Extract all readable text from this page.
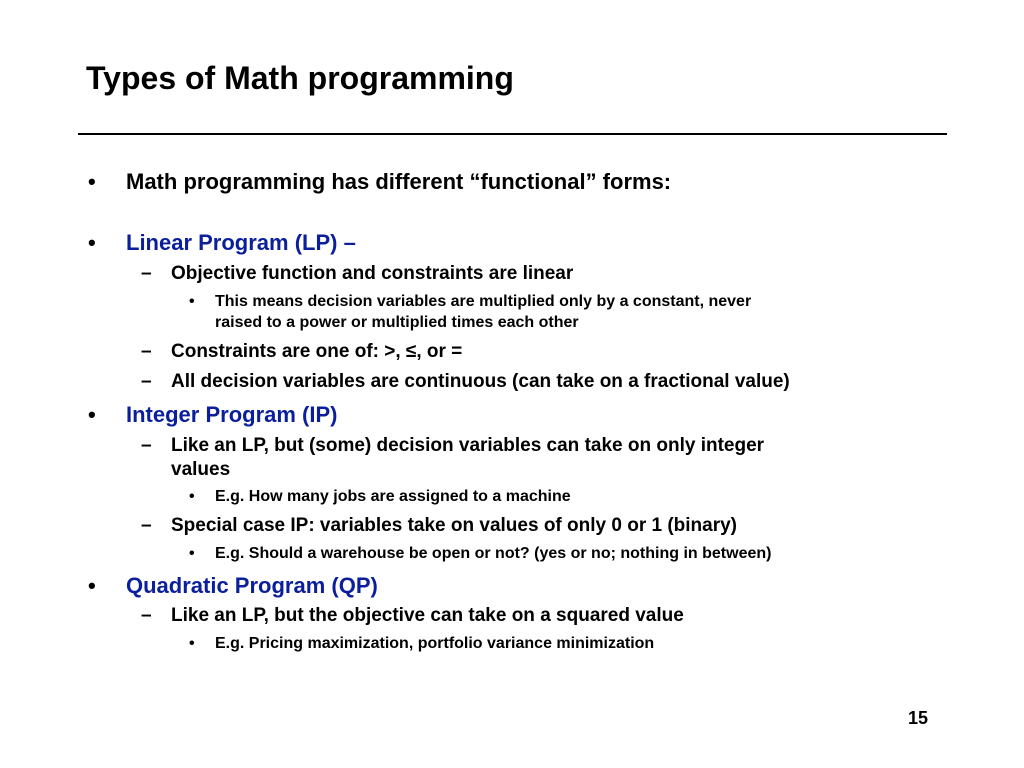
Types of Math programming
• Math programming has different “functional” forms:
• Linear Program (LP) –
– Objective function and constraints are linear
• This means decision variables are multiplied only by a constant, never
raised to a power or multiplied times each other
– Constraints are one of: >, ≤, or =
– All decision variables are continuous (can take on a fractional value)
• Integer Program (IP)
– Like an LP, but (some) decision variables can take on only integer
values
• E.g. How many jobs are assigned to a machine
– Special case IP: variables take on values of only 0 or 1 (binary)
• E.g. Should a warehouse be open or not? (yes or no; nothing in between)
• Quadratic Program (QP)
– Like an LP, but the objective can take on a squared value
• E.g. Pricing maximization, portfolio variance minimization
15
